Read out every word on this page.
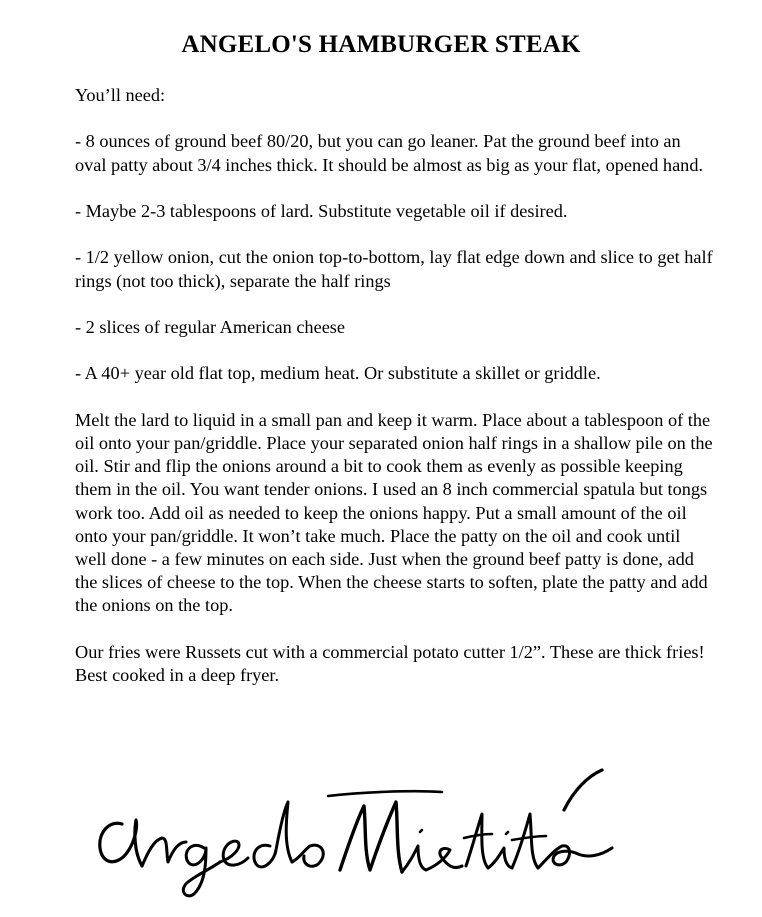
ANGELO'S HAMBURGER STEAK

You’ll need:

- 8 ounces of ground beef 80/20, but you can go leaner. Pat the ground beef into an oval patty about 3/4 inches thick. It should be almost as big as your flat, opened hand.

- Maybe 2-3 tablespoons of lard. Substitute vegetable oil if desired.

- 1/2 yellow onion, cut the onion top-to-bottom, lay flat edge down and slice to get half rings (not too thick), separate the half rings

- 2 slices of regular American cheese

- A 40+ year old flat top, medium heat. Or substitute a skillet or griddle.

Melt the lard to liquid in a small pan and keep it warm. Place about a tablespoon of the oil onto your pan/griddle. Place your separated onion half rings in a shallow pile on the oil. Stir and flip the onions around a bit to cook them as evenly as possible keeping them in the oil. You want tender onions. I used an 8 inch commercial spatula but tongs work too. Add oil as needed to keep the onions happy. Put a small amount of the oil onto your pan/griddle. It won’t take much. Place the patty on the oil and cook until well done - a few minutes on each side. Just when the ground beef patty is done, add the slices of cheese to the top. When the cheese starts to soften, plate the patty and add the onions on the top.

Our fries were Russets cut with a commercial potato cutter 1/2”. These are thick fries! Best cooked in a deep fryer.
